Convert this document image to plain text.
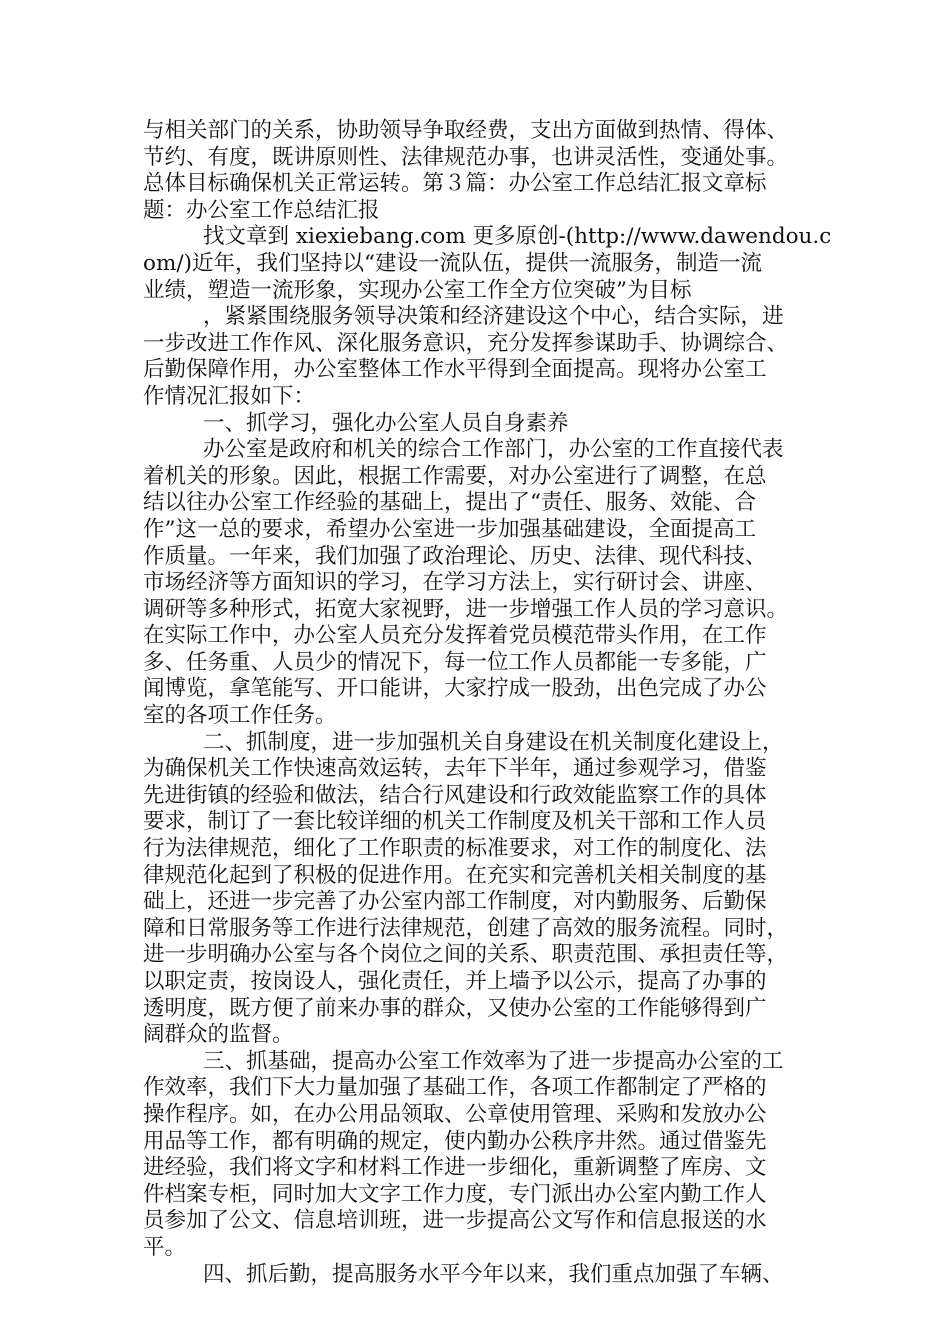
与相关部门的关系，协助领导争取经费，支出方面做到热情、得体、
节约、有度，既讲原则性、法律规范办事，也讲灵活性，变通处事。
总体目标确保机关正常运转。第３篇：办公室工作总结汇报文章标
题：办公室工作总结汇报
找文章到 xiexiebang.com 更多原创-(http://www.dawendou.c
om/)近年，我们坚持以“建设一流队伍，提供一流服务，制造一流
业绩，塑造一流形象，实现办公室工作全方位突破”为目标
，紧紧围绕服务领导决策和经济建设这个中心，结合实际，进
一步改进工作作风、深化服务意识，充分发挥参谋助手、协调综合、
后勤保障作用，办公室整体工作水平得到全面提高。现将办公室工
作情况汇报如下：
一、抓学习，强化办公室人员自身素养
办公室是政府和机关的综合工作部门，办公室的工作直接代表
着机关的形象。因此，根据工作需要，对办公室进行了调整，在总
结以往办公室工作经验的基础上，提出了“责任、服务、效能、合
作”这一总的要求，希望办公室进一步加强基础建设，全面提高工
作质量。一年来，我们加强了政治理论、历史、法律、现代科技、
市场经济等方面知识的学习，在学习方法上，实行研讨会、讲座、
调研等多种形式，拓宽大家视野，进一步增强工作人员的学习意识。
在实际工作中，办公室人员充分发挥着党员模范带头作用，在工作
多、任务重、人员少的情况下，每一位工作人员都能一专多能，广
闻博览，拿笔能写、开口能讲，大家拧成一股劲，出色完成了办公
室的各项工作任务。
二、抓制度，进一步加强机关自身建设在机关制度化建设上，
为确保机关工作快速高效运转，去年下半年，通过参观学习，借鉴
先进街镇的经验和做法，结合行风建设和行政效能监察工作的具体
要求，制订了一套比较详细的机关工作制度及机关干部和工作人员
行为法律规范，细化了工作职责的标准要求，对工作的制度化、法
律规范化起到了积极的促进作用。在充实和完善机关相关制度的基
础上，还进一步完善了办公室内部工作制度，对内勤服务、后勤保
障和日常服务等工作进行法律规范，创建了高效的服务流程。同时，
进一步明确办公室与各个岗位之间的关系、职责范围、承担责任等，
以职定责，按岗设人，强化责任，并上墙予以公示，提高了办事的
透明度，既方便了前来办事的群众，又使办公室的工作能够得到广
阔群众的监督。
三、抓基础，提高办公室工作效率为了进一步提高办公室的工
作效率，我们下大力量加强了基础工作，各项工作都制定了严格的
操作程序。如，在办公用品领取、公章使用管理、采购和发放办公
用品等工作，都有明确的规定，使内勤办公秩序井然。通过借鉴先
进经验，我们将文字和材料工作进一步细化，重新调整了库房、文
件档案专柜，同时加大文字工作力度，专门派出办公室内勤工作人
员参加了公文、信息培训班，进一步提高公文写作和信息报送的水
平。
四、抓后勤，提高服务水平今年以来，我们重点加强了车辆、
